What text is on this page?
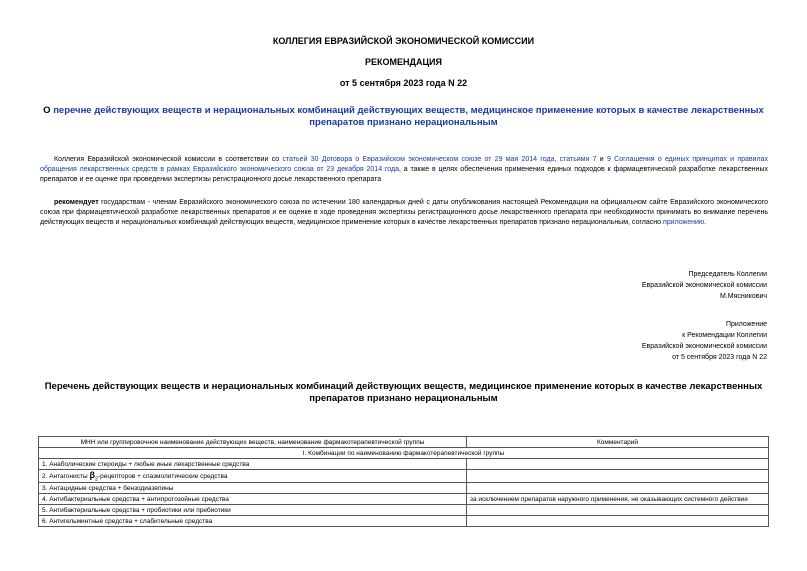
КОЛЛЕГИЯ ЕВРАЗИЙСКОЙ ЭКОНОМИЧЕСКОЙ КОМИССИИ
РЕКОМЕНДАЦИЯ
от 5 сентября 2023 года N 22
О перечне действующих веществ и нерациональных комбинаций действующих веществ, медицинское применение которых в качестве лекарственных препаратов признано нерациональным
Коллегия Евразийской экономической комиссии в соответствии со статьей 30 Договора о Евразийском экономическом союзе от 29 мая 2014 года, статьями 7 и 9 Соглашения о единых принципах и правилах обращения лекарственных средств в рамках Евразийского экономического союза от 23 декабря 2014 года, а также в целях обеспечения применения единых подходов к фармацевтической разработке лекарственных препаратов и ее оценке при проведении экспертизы регистрационного досье лекарственного препарата
рекомендует государствам - членам Евразийского экономического союза по истечении 180 календарных дней с даты опубликования настоящей Рекомендации на официальном сайте Евразийского экономического союза при фармацевтической разработке лекарственных препаратов и ее оценке в ходе проведения экспертизы регистрационного досье лекарственного препарата при необходимости принимать во внимание перечень действующих веществ и нерациональных комбинаций действующих веществ, медицинское применение которых в качестве лекарственных препаратов признано нерациональным, согласно приложению.
Председатель Коллегии
Евразийской экономической комиссии
М.Мясникович
Приложение
к Рекомендации Коллегии
Евразийской экономической комиссии
от 5 сентября 2023 года N 22
Перечень действующих веществ и нерациональных комбинаций действующих веществ, медицинское применение которых в качестве лекарственных препаратов признано нерациональным
МНН или группировочное наименование действующих веществ, наименование фармакотерапевтической группы	Комментарий
I. Комбинации по наименованию фармакотерапевтической группы	
1. Анаболические стероиды + любые иные лекарственные средства	
2. Антагонисты $\beta_2$-рецепторов + спазмолитические средства	
3. Антацидные средства + бензодиазепины	
4. Антибактериальные средства + антипротозойные средства	за исключением препаратов наружного применения, не оказывающих системного действия
5. Антибактериальные средства + пробиотики или пребиотики	
6. Антигельминтные средства + слабительные средства	
